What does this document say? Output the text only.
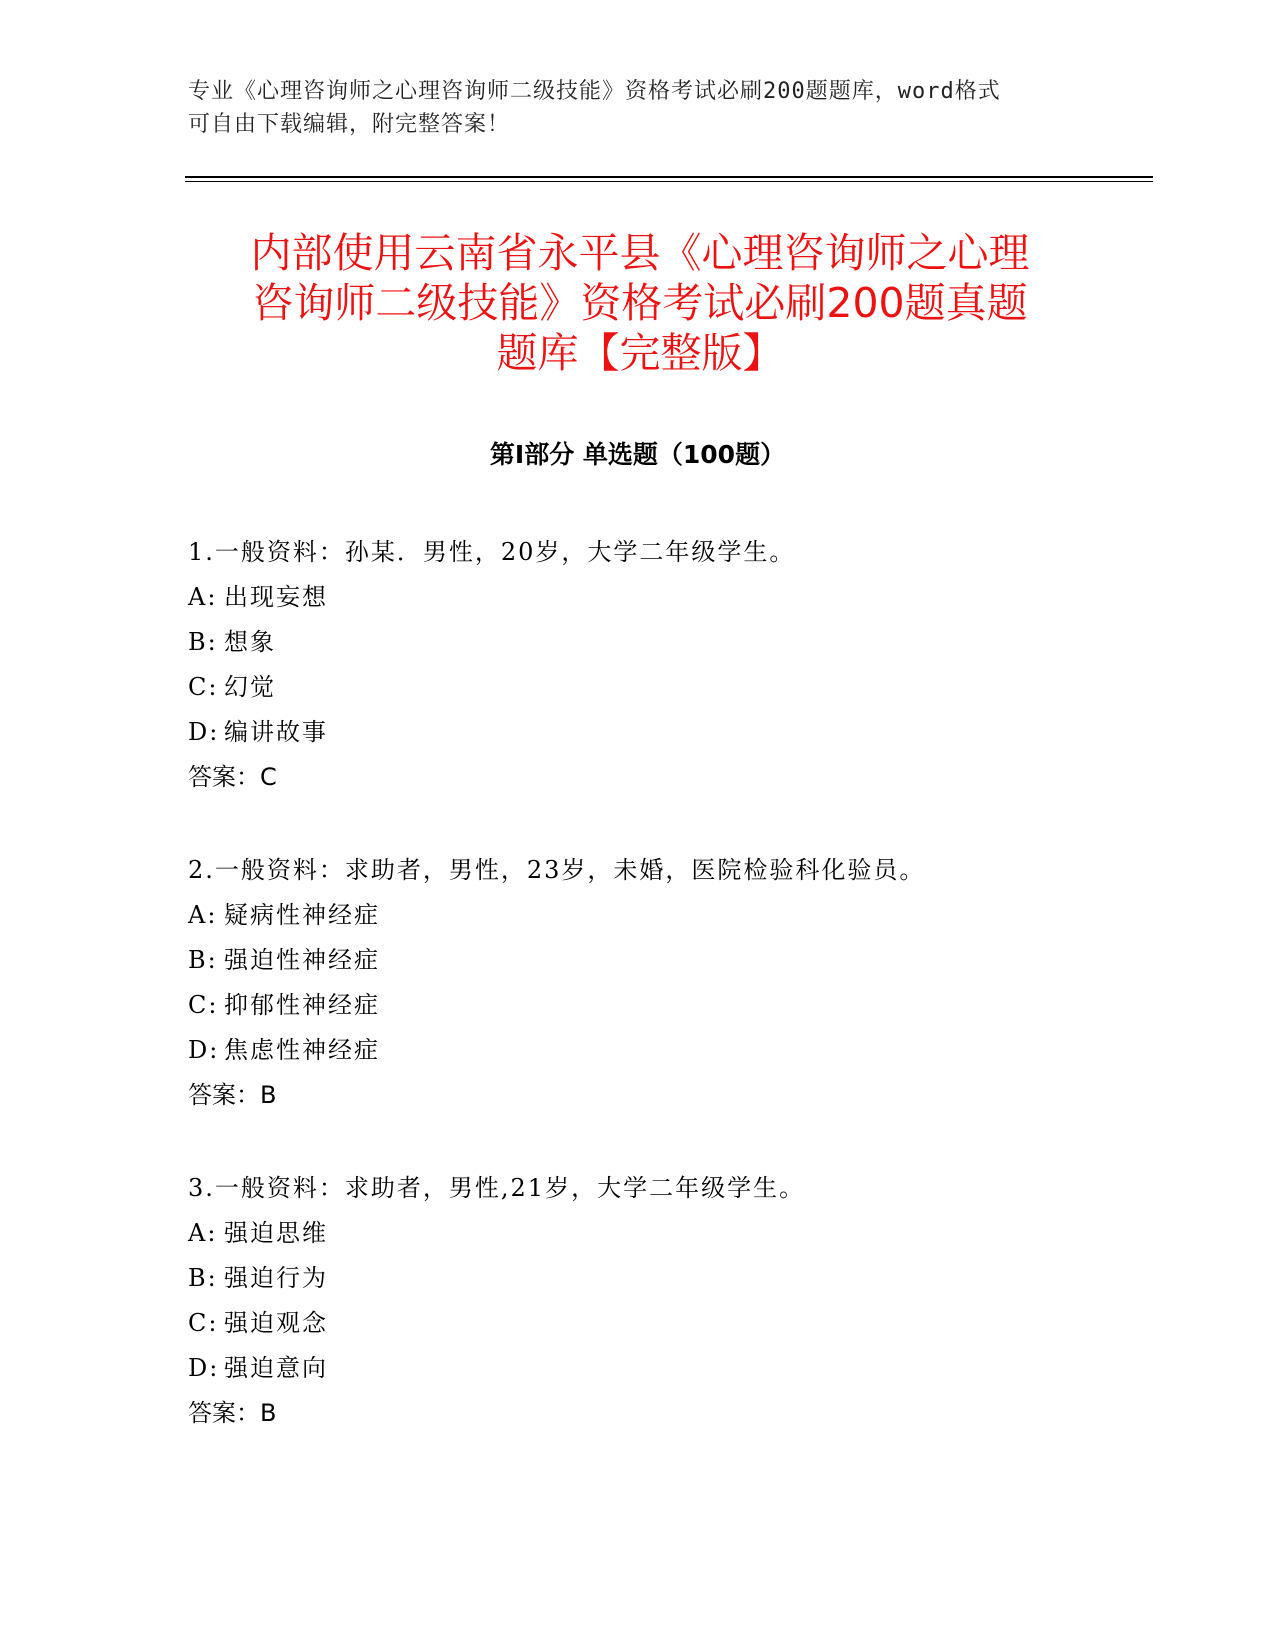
专业《心理咨询师之心理咨询师二级技能》资格考试必刷200题题库，word格式
可自由下载编辑，附完整答案！
内部使用云南省永平县《心理咨询师之心理
咨询师二级技能》资格考试必刷200题真题
题库【完整版】
第Ⅰ部分 单选题（100题）
1.一般资料：孙某．男性，20岁，大学二年级学生。
A: 出现妄想
B: 想象
C: 幻觉
D: 编讲故事
答案：C
2.一般资料：求助者，男性，23岁，未婚，医院检验科化验员。
A: 疑病性神经症
B: 强迫性神经症
C: 抑郁性神经症
D: 焦虑性神经症
答案：B
3.一般资料：求助者，男性,21岁，大学二年级学生。
A: 强迫思维
B: 强迫行为
C: 强迫观念
D: 强迫意向
答案：B
